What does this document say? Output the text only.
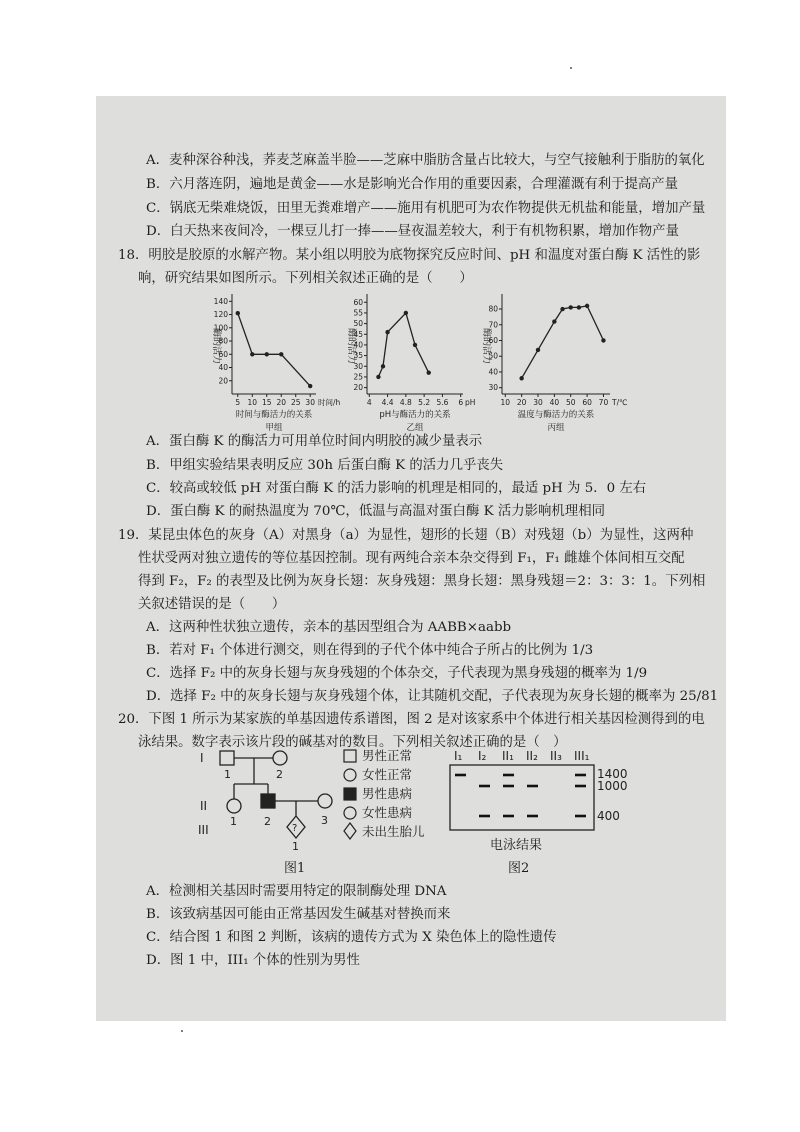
A．麦种深谷种浅，荞麦芝麻盖半脸——芝麻中脂肪含量占比较大，与空气接触利于脂肪的氧化
B．六月落连阴，遍地是黄金——水是影响光合作用的重要因素，合理灌溉有利于提高产量
C．锅底无柴难烧饭，田里无粪难增产——施用有机肥可为农作物提供无机盐和能量，增加产量
D．白天热来夜间冷，一棵豆儿打一捧——昼夜温差较大，利于有机物积累，增加作物产量
18．明胶是胶原的水解产物。某小组以明胶为底物探究反应时间、pH 和温度对蛋白酶 K 活性的影
响，研究结果如图所示。下列相关叙述正确的是（　　）
20
40
60
80
100
120
140
5 10 15 20 25 30 时间/h
酶的活力
时间与酶活力的关系
甲组
20
25
30
35
40
45
50
55
60
4 4.4 4.8 5.2 5.6 6 pH
酶的活力
pH与酶活力的关系
乙组
30
40
50
60
70
80
10 20 30 40 50 60 70 T/℃
酶的活力
温度与酶活力的关系
丙组
A．蛋白酶 K 的酶活力可用单位时间内明胶的减少量表示
B．甲组实验结果表明反应 30h 后蛋白酶 K 的活力几乎丧失
C．较高或较低 pH 对蛋白酶 K 的活力影响的机理是相同的，最适 pH 为 5．0 左右
D．蛋白酶 K 的耐热温度为 70℃，低温与高温对蛋白酶 K 活力影响机理相同
19．某昆虫体色的灰身（A）对黑身（a）为显性，翅形的长翅（B）对残翅（b）为显性，这两种
性状受两对独立遗传的等位基因控制。现有两纯合亲本杂交得到 F₁，F₁ 雌雄个体间相互交配
得到 F₂，F₂ 的表型及比例为灰身长翅：灰身残翅：黑身长翅：黑身残翅＝2：3：3：1。下列相
关叙述错误的是（　　）
A．这两种性状独立遗传，亲本的基因型组合为 AABB×aabb
B．若对 F₁ 个体进行测交，则在得到的子代个体中纯合子所占的比例为 1/3
C．选择 F₂ 中的灰身长翅与灰身残翅的个体杂交，子代表现为黑身残翅的概率为 1/9
D．选择 F₂ 中的灰身长翅与灰身残翅个体，让其随机交配，子代表现为灰身长翅的概率为 25/81
20．下图 1 所示为某家族的单基因遗传系谱图，图 2 是对该家系中个体进行相关基因检测得到的电
泳结果。数字表示该片段的碱基对的数目。下列相关叙述正确的是（　）
I
II
III
1	2
1 2	3
?
1
图1
男性正常
女性正常
男性患病
女性患病
未出生胎儿
I₁ I₂ II₁ II₂ II₃ III₁
1400
1000
400
电泳结果
图2
A．检测相关基因时需要用特定的限制酶处理 DNA
B．该致病基因可能由正常基因发生碱基对替换而来
C．结合图 1 和图 2 判断，该病的遗传方式为 X 染色体上的隐性遗传
D．图 1 中，III₁ 个体的性别为男性
